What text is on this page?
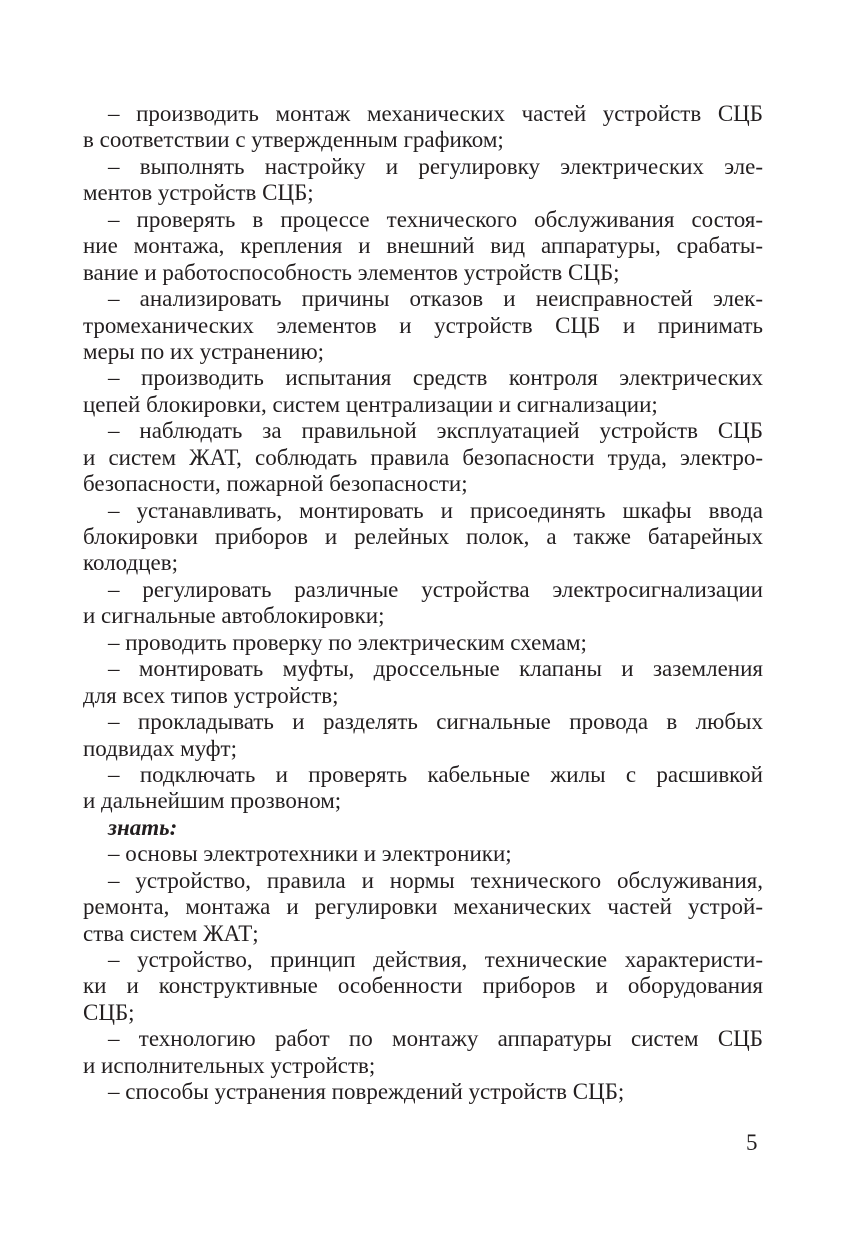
– производить монтаж механических частей устройств СЦБ
в соответствии с утвержденным графиком;
– выполнять настройку и регулировку электрических эле-
ментов устройств СЦБ;
– проверять в процессе технического обслуживания состоя-
ние монтажа, крепления и внешний вид аппаратуры, срабаты-
вание и работоспособность элементов устройств СЦБ;
– анализировать причины отказов и неисправностей элек-
тромеханических элементов и устройств СЦБ и принимать
меры по их устранению;
– производить испытания средств контроля электрических
цепей блокировки, систем централизации и сигнализации;
– наблюдать за правильной эксплуатацией устройств СЦБ
и систем ЖАТ, соблюдать правила безопасности труда, электро-
безопасности, пожарной безопасности;
– устанавливать, монтировать и присоединять шкафы ввода
блокировки приборов и релейных полок, а также батарейных
колодцев;
– регулировать различные устройства электросигнализации
и сигнальные автоблокировки;
– проводить проверку по электрическим схемам;
– монтировать муфты, дроссельные клапаны и заземления
для всех типов устройств;
– прокладывать и разделять сигнальные провода в любых
подвидах муфт;
– подключать и проверять кабельные жилы с расшивкой
и дальнейшим прозвоном;
знать:
– основы электротехники и электроники;
– устройство, правила и нормы технического обслуживания,
ремонта, монтажа и регулировки механических частей устрой-
ства систем ЖАТ;
– устройство, принцип действия, технические характеристи-
ки и конструктивные особенности приборов и оборудования
СЦБ;
– технологию работ по монтажу аппаратуры систем СЦБ
и исполнительных устройств;
– способы устранения повреждений устройств СЦБ;
5
